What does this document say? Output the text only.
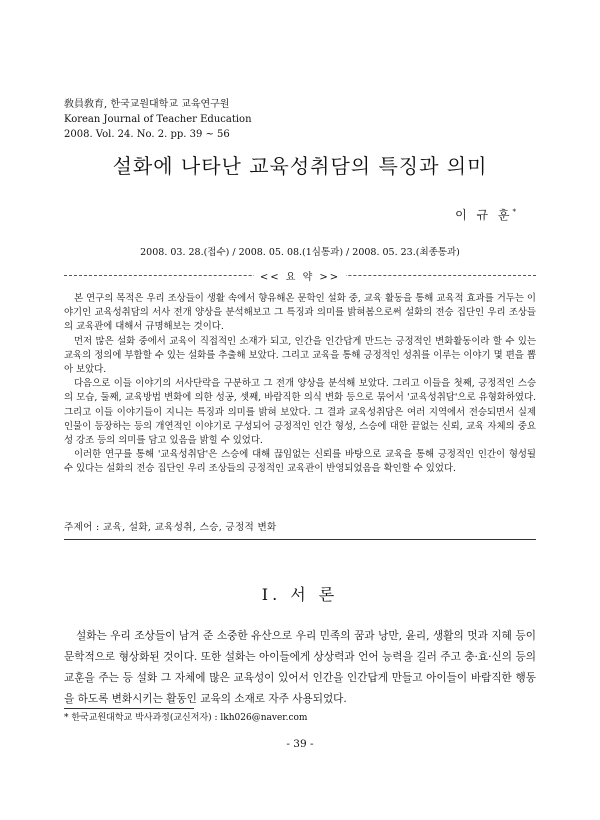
敎員敎育, 한국교원대학교 교육연구원
Korean Journal of Teacher Education
2008. Vol. 24. No. 2. pp. 39 ~ 56
설화에 나타난 교육성취담의 특징과 의미
이 규 훈*
2008. 03. 28.(접수) / 2008. 05. 08.(1심통과) / 2008. 05. 23.(최종통과)
<< 요 약 >>

본 연구의 목적은 우리 조상들이 생활 속에서 향유해온 문학인 설화 중, 교육 활동을 통해 교육적 효과를 거두는 이야기인 교육성취담의 서사 전개 양상을 분석해보고 그 특징과 의미를 밝혀봄으로써 설화의 전승 집단인 우리 조상들의 교육관에 대해서 규명해보는 것이다.

먼저 많은 설화 중에서 교육이 직접적인 소재가 되고, 인간을 인간답게 만드는 긍정적인 변화활동이라 할 수 있는 교육의 정의에 부합할 수 있는 설화를 추출해 보았다. 그리고 교육을 통해 긍정적인 성취를 이루는 이야기 몇 편을 뽑아 보았다.

다음으로 이들 이야기의 서사단락을 구분하고 그 전개 양상을 분석해 보았다. 그리고 이들을 첫째, 긍정적인 스승의 모습, 둘째, 교육방법 변화에 의한 성공, 셋째, 바람직한 의식 변화 등으로 묶어서 '교육성취담'으로 유형화하였다. 그리고 이들 이야기들이 지니는 특징과 의미를 밝혀 보았다. 그 결과 교육성취담은 여러 지역에서 전승되면서 실제 인물이 등장하는 등의 개연적인 이야기로 구성되어 긍정적인 인간 형성, 스승에 대한 끝없는 신뢰, 교육 자체의 중요성 강조 등의 의미를 담고 있음을 밝힐 수 있었다.

이러한 연구를 통해 '교육성취담'은 스승에 대해 끊임없는 신뢰를 바탕으로 교육을 통해 긍정적인 인간이 형성될 수 있다는 설화의 전승 집단인 우리 조상들의 긍정적인 교육관이 반영되었음을 확인할 수 있었다.

주제어 : 교육, 설화, 교육성취, 스승, 긍정적 변화
Ⅰ. 서 론

설화는 우리 조상들이 남겨 준 소중한 유산으로 우리 민족의 꿈과 낭만, 윤리, 생활의 멋과 지혜 등이 문학적으로 형상화된 것이다. 또한 설화는 아이들에게 상상력과 언어 능력을 길러 주고 충·효·신의 등의 교훈을 주는 등 설화 그 자체에 많은 교육성이 있어서 인간을 인간답게 만들고 아이들이 바람직한 행동을 하도록 변화시키는 활동인 교육의 소재로 자주 사용되었다.

* 한국교원대학교 박사과정(교신저자) : lkh026@naver.com
- 39 -
